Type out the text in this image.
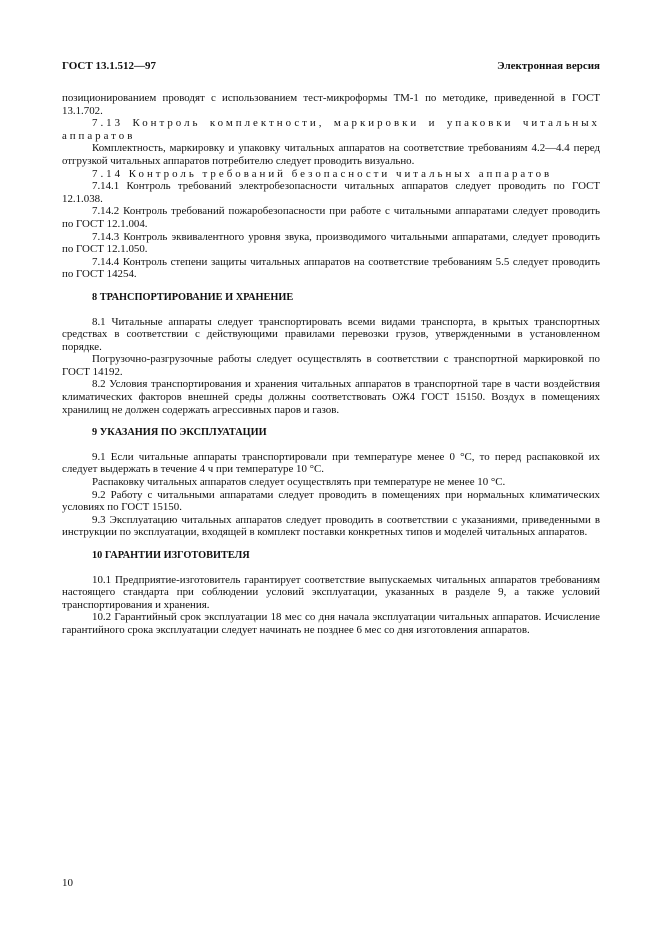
ГОСТ 13.1.512—97	Электронная версия

позиционированием проводят с использованием тест-микроформы ТМ-1 по методике, приведенной в ГОСТ 13.1.702.

7.13 Контроль комплектности, маркировки и упаковки читальных аппаратов

Комплектность, маркировку и упаковку читальных аппаратов на соответствие требованиям 4.2—4.4 перед отгрузкой читальных аппаратов потребителю следует проводить визуально.

7.14 Контроль требований безопасности читальных аппаратов

7.14.1 Контроль требований электробезопасности читальных аппаратов следует проводить по ГОСТ 12.1.038.

7.14.2 Контроль требований пожаробезопасности при работе с читальными аппаратами следует проводить по ГОСТ 12.1.004.

7.14.3 Контроль эквивалентного уровня звука, производимого читальными аппаратами, следует проводить по ГОСТ 12.1.050.

7.14.4 Контроль степени защиты читальных аппаратов на соответствие требованиям 5.5 следует проводить по ГОСТ 14254.

8 ТРАНСПОРТИРОВАНИЕ И ХРАНЕНИЕ

8.1 Читальные аппараты следует транспортировать всеми видами транспорта, в крытых транспортных средствах в соответствии с действующими правилами перевозки грузов, утвержденными в установленном порядке.

Погрузочно-разгрузочные работы следует осуществлять в соответствии с транспортной маркировкой по ГОСТ 14192.

8.2 Условия транспортирования и хранения читальных аппаратов в транспортной таре в части воздействия климатических факторов внешней среды должны соответствовать ОЖ4 ГОСТ 15150. Воздух в помещениях хранилищ не должен содержать агрессивных паров и газов.

9 УКАЗАНИЯ ПО ЭКСПЛУАТАЦИИ

9.1 Если читальные аппараты транспортировали при температуре менее 0 °С, то перед распаковкой их следует выдержать в течение 4 ч при температуре 10 °С.

Распаковку читальных аппаратов следует осуществлять при температуре не менее 10 °С.

9.2 Работу с читальными аппаратами следует проводить в помещениях при нормальных климатических условиях по ГОСТ 15150.

9.3 Эксплуатацию читальных аппаратов следует проводить в соответствии с указаниями, приведенными в инструкции по эксплуатации, входящей в комплект поставки конкретных типов и моделей читальных аппаратов.

10 ГАРАНТИИ ИЗГОТОВИТЕЛЯ

10.1 Предприятие-изготовитель гарантирует соответствие выпускаемых читальных аппаратов требованиям настоящего стандарта при соблюдении условий эксплуатации, указанных в разделе 9, а также условий транспортирования и хранения.

10.2 Гарантийный срок эксплуатации 18 мес со дня начала эксплуатации читальных аппаратов. Исчисление гарантийного срока эксплуатации следует начинать не позднее 6 мес со дня изготовления аппаратов.

10
